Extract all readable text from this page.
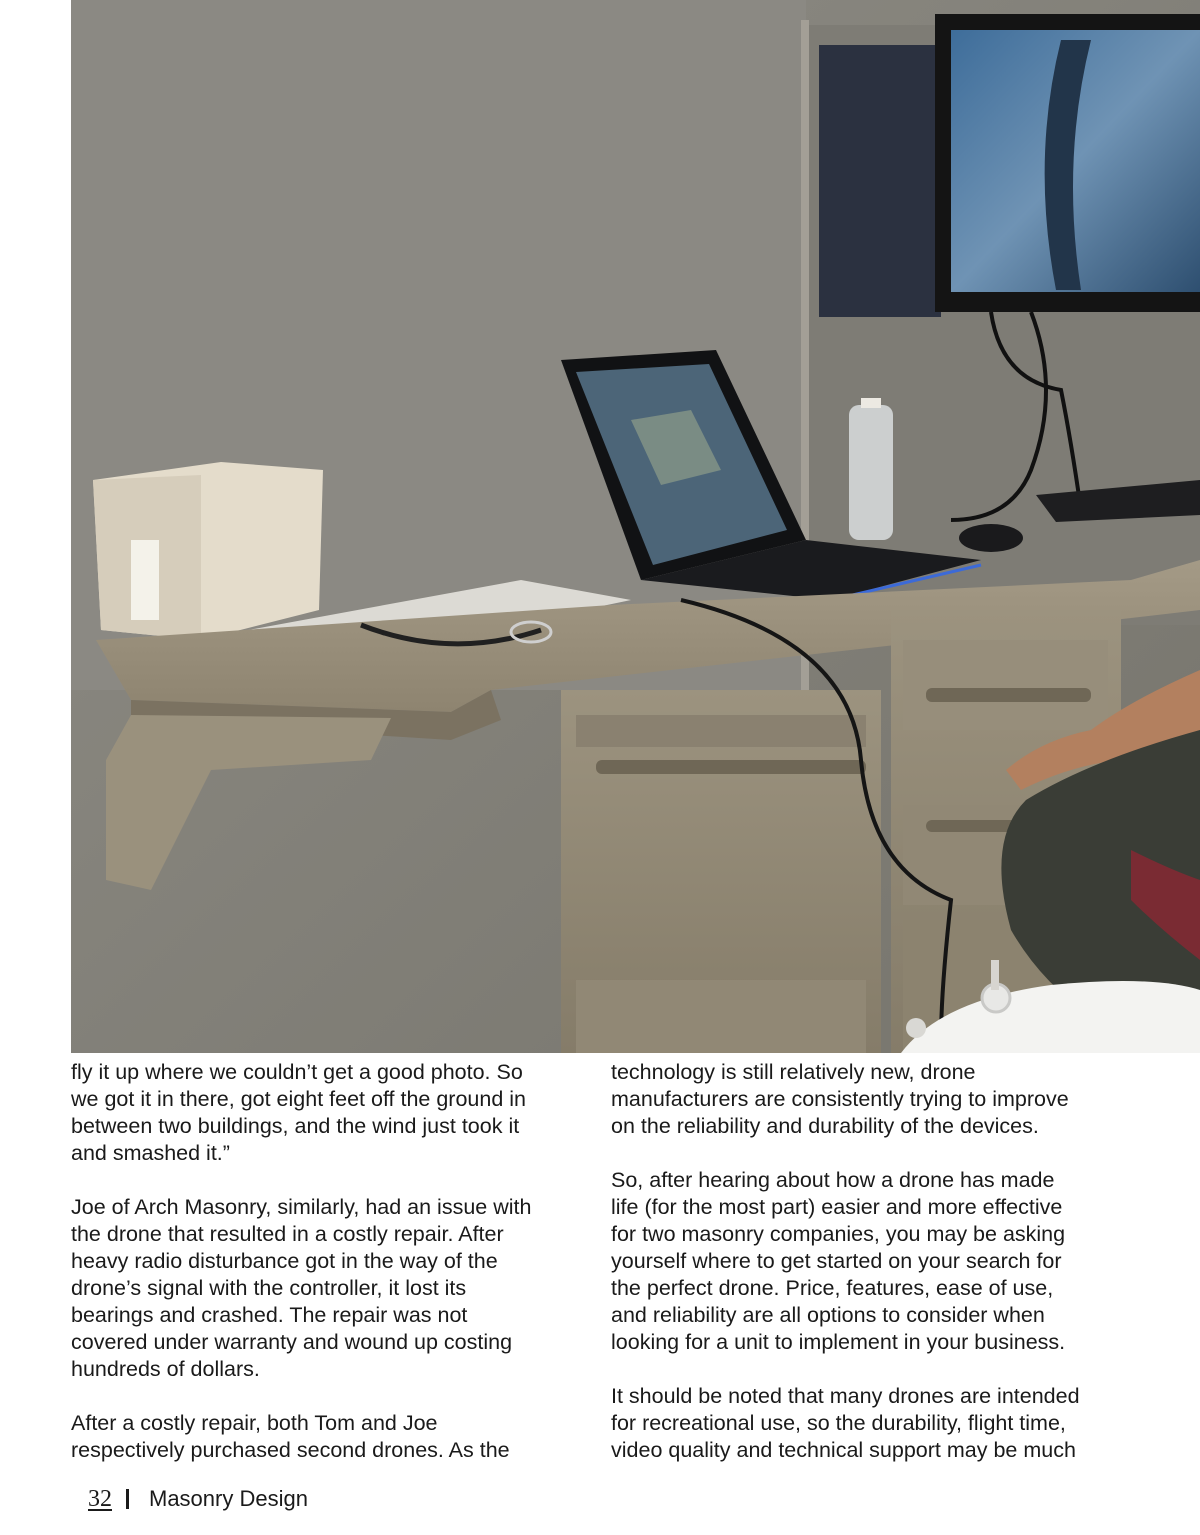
fly it up where we couldn’t get a good photo. So
we got it in there, got eight feet off the ground in
between two buildings, and the wind just took it
and smashed it.”

Joe of Arch Masonry, similarly, had an issue with
the drone that resulted in a costly repair. After
heavy radio disturbance got in the way of the
drone’s signal with the controller, it lost its
bearings and crashed. The repair was not
covered under warranty and wound up costing
hundreds of dollars.

After a costly repair, both Tom and Joe
respectively purchased second drones. As the

technology is still relatively new, drone
manufacturers are consistently trying to improve
on the reliability and durability of the devices.

So, after hearing about how a drone has made
life (for the most part) easier and more effective
for two masonry companies, you may be asking
yourself where to get started on your search for
the perfect drone. Price, features, ease of use,
and reliability are all options to consider when
looking for a unit to implement in your business.

It should be noted that many drones are intended
for recreational use, so the durability, flight time,
video quality and technical support may be much

32 Masonry Design
